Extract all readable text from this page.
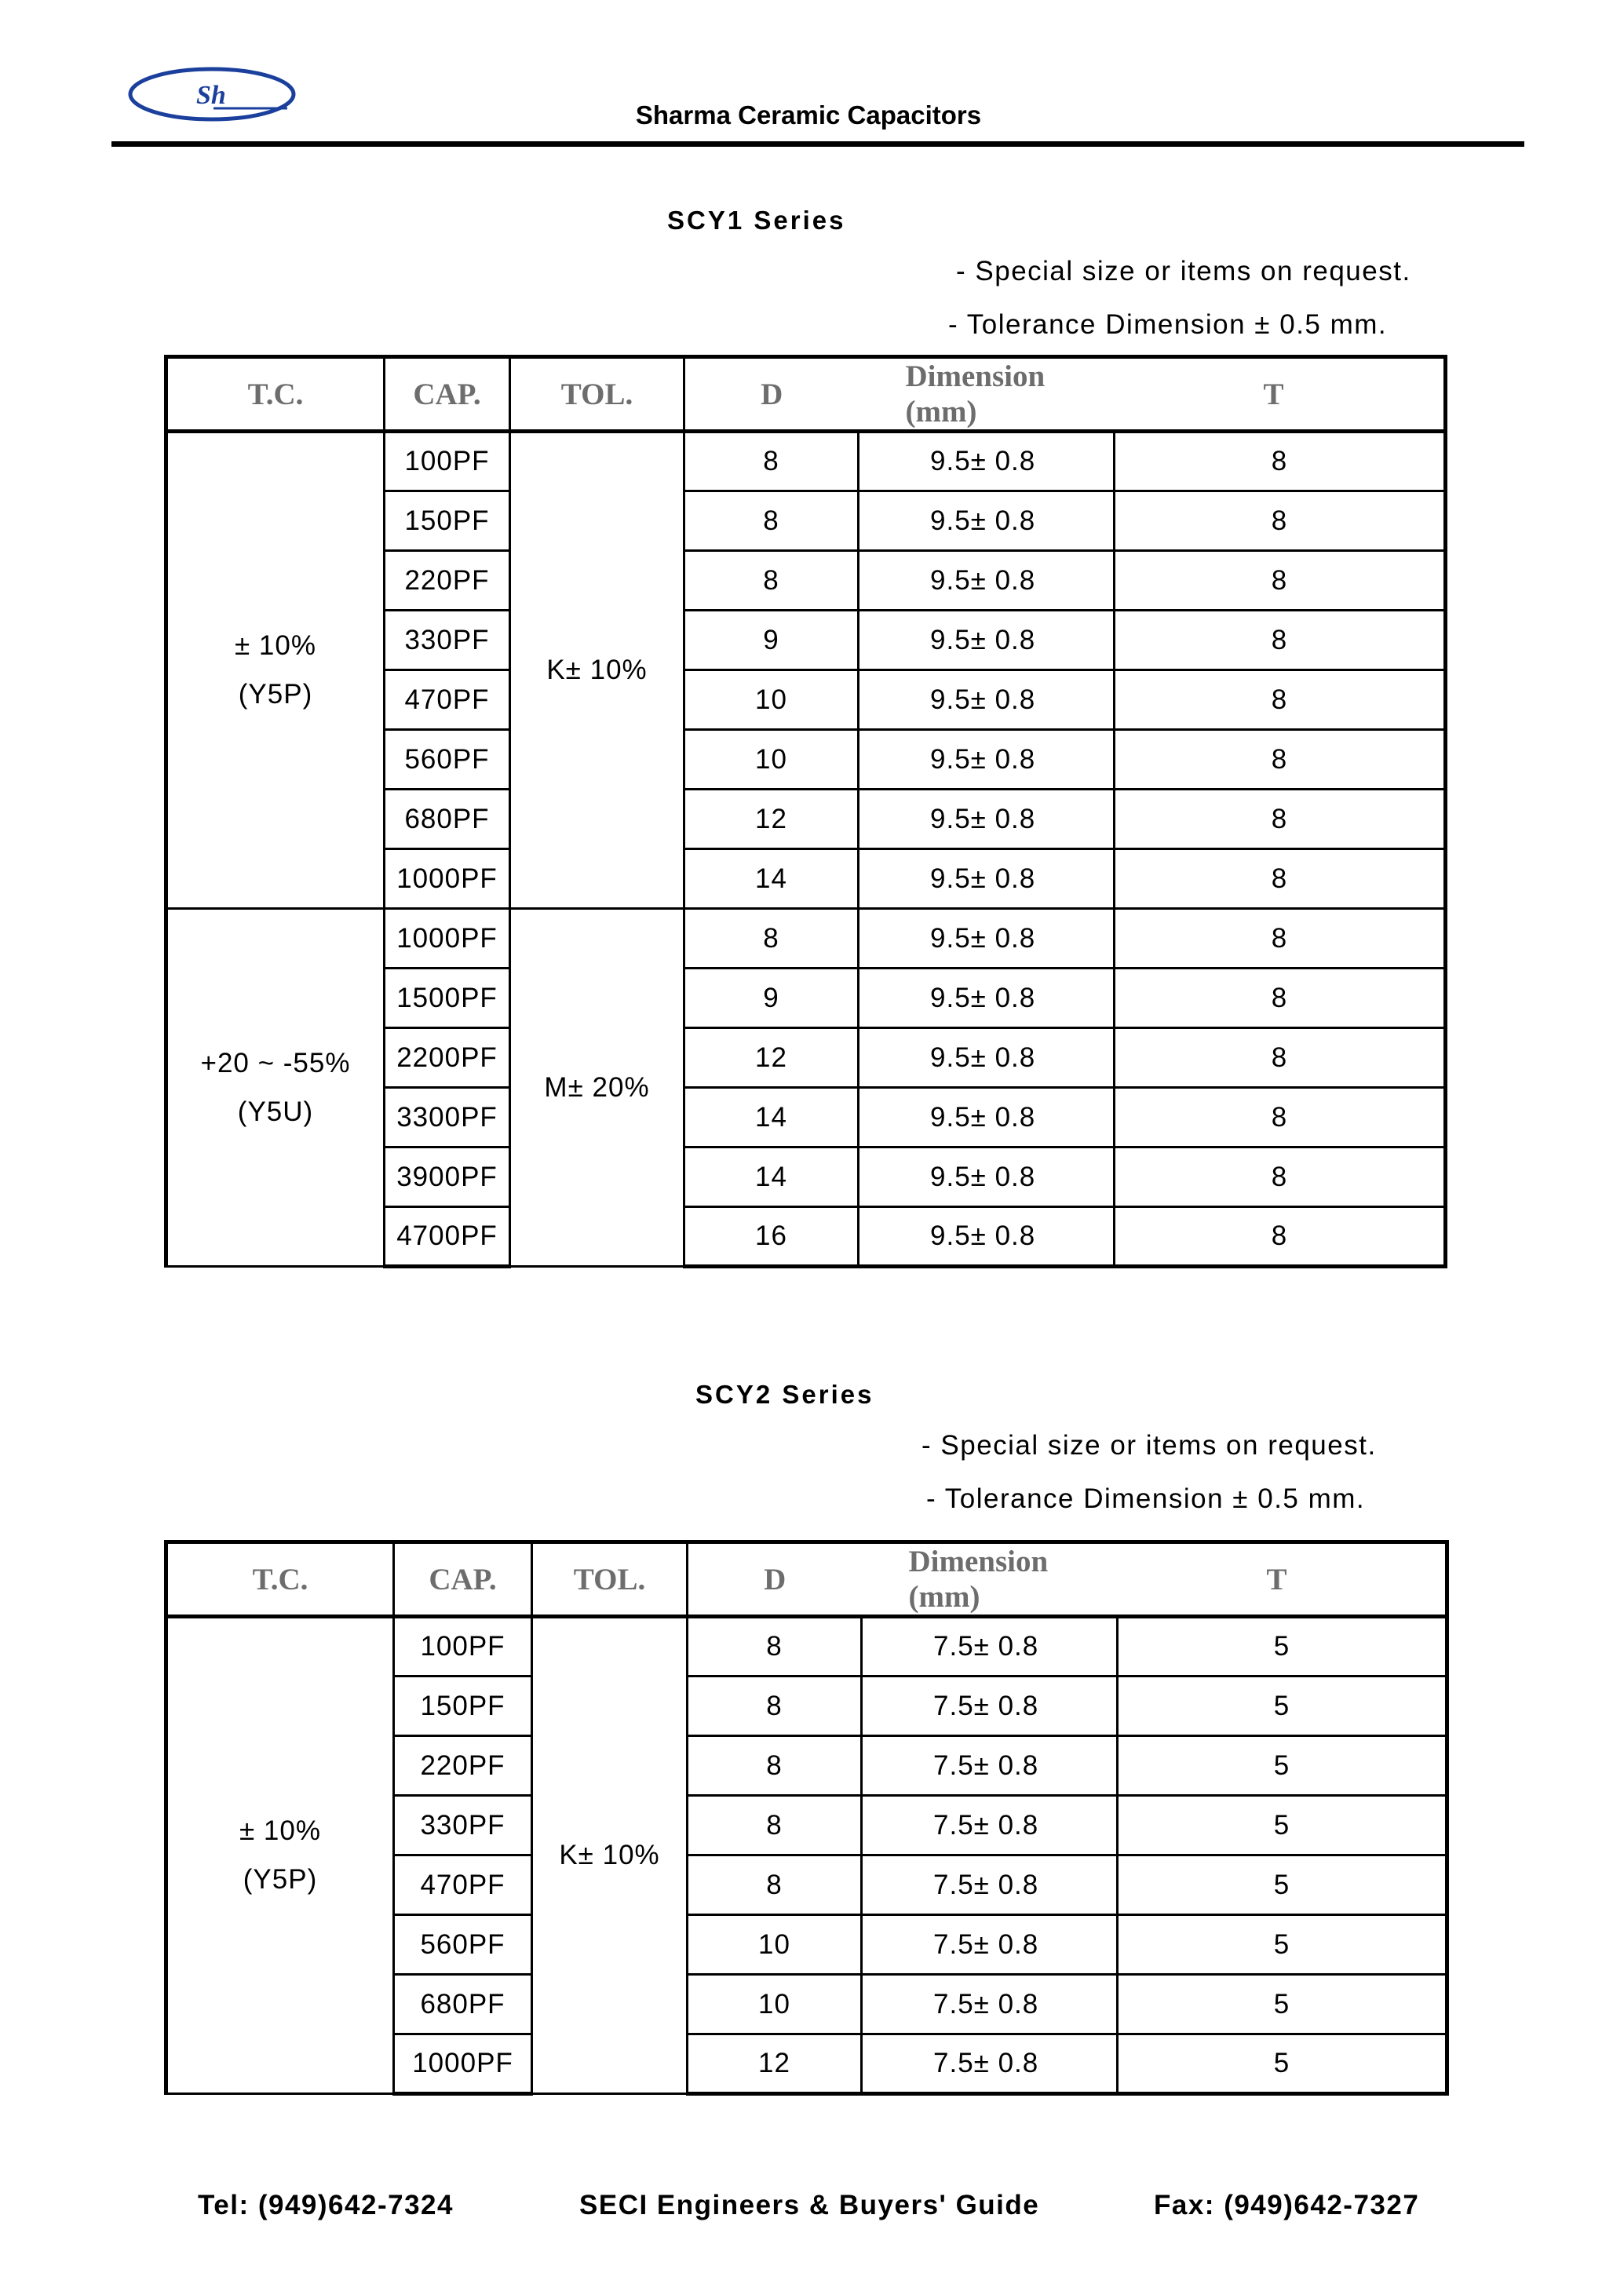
Sh
Sharma Ceramic Capacitors
SCY1 Series
- Special size or items on request.
- Tolerance Dimension ± 0.5 mm.
T.C.	CAP.	TOL.	D	Dimension (mm)	T

± 10%
(Y5P)	100PF	K± 10%	8	9.5± 0.8	8
	150PF		8	9.5± 0.8	8
	220PF		8	9.5± 0.8	8
	330PF		9	9.5± 0.8	8
	470PF		10	9.5± 0.8	8
	560PF		10	9.5± 0.8	8
	680PF		12	9.5± 0.8	8
	1000PF		14	9.5± 0.8	8

+20 ~ -55%
(Y5U)	1000PF	M± 20%	8	9.5± 0.8	8
	1500PF		9	9.5± 0.8	8
	2200PF		12	9.5± 0.8	8
	3300PF		14	9.5± 0.8	8
	3900PF		14	9.5± 0.8	8
	4700PF		16	9.5± 0.8	8
SCY2 Series
- Special size or items on request.
- Tolerance Dimension ± 0.5 mm.
T.C.	CAP.	TOL.	D	Dimension (mm)	T

± 10%
(Y5P)	100PF	K± 10%	8	7.5± 0.8	5
	150PF		8	7.5± 0.8	5
	220PF		8	7.5± 0.8	5
	330PF		8	7.5± 0.8	5
	470PF		8	7.5± 0.8	5
	560PF		10	7.5± 0.8	5
	680PF		10	7.5± 0.8	5
	1000PF		12	7.5± 0.8	5
Tel: (949)642-7324	SECI Engineers & Buyers' Guide	Fax: (949)642-7327
